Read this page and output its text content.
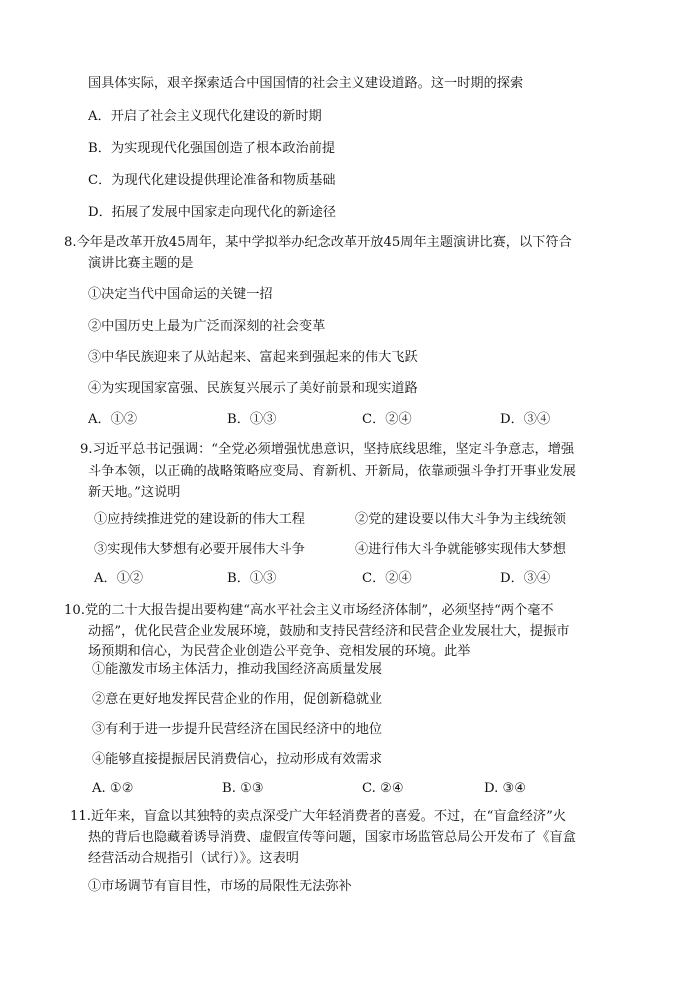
国具体实际，艰辛探索适合中国国情的社会主义建设道路。这一时期的探索
A．开启了社会主义现代化建设的新时期
B．为实现现代化强国创造了根本政治前提
C．为现代化建设提供理论准备和物质基础
D．拓展了发展中国家走向现代化的新途径
8.今年是改革开放45周年，某中学拟举办纪念改革开放45周年主题演讲比赛，以下符合
演讲比赛主题的是
①决定当代中国命运的关键一招
②中国历史上最为广泛而深刻的社会变革
③中华民族迎来了从站起来、富起来到强起来的伟大飞跃
④为实现国家富强、民族复兴展示了美好前景和现实道路
A．①②	B．①③	C．②④	D．③④
9.习近平总书记强调：“全党必须增强忧患意识，坚持底线思维，坚定斗争意志，增强
斗争本领，以正确的战略策略应变局、育新机、开新局，依靠顽强斗争打开事业发展
新天地。”这说明
①应持续推进党的建设新的伟大工程	②党的建设要以伟大斗争为主线统领
③实现伟大梦想有必要开展伟大斗争	④进行伟大斗争就能够实现伟大梦想
A．①②	B．①③	C．②④	D．③④
10.党的二十大报告提出要构建“高水平社会主义市场经济体制”，必须坚持“两个毫不
动摇”，优化民营企业发展环境，鼓励和支持民营经济和民营企业发展壮大，提振市
场预期和信心，为民营企业创造公平竞争、竞相发展的环境。此举
①能激发市场主体活力，推动我国经济高质量发展
②意在更好地发挥民营企业的作用，促创新稳就业
③有利于进一步提升民营经济在国民经济中的地位
④能够直接提振居民消费信心，拉动形成有效需求
A. ①②	B. ①③	C. ②④	D. ③④
11.近年来，盲盒以其独特的卖点深受广大年轻消费者的喜爱。不过，在“盲盒经济”火
热的背后也隐藏着诱导消费、虚假宣传等问题，国家市场监管总局公开发布了《盲盒
经营活动合规指引（试行）》。这表明
①市场调节有盲目性，市场的局限性无法弥补
